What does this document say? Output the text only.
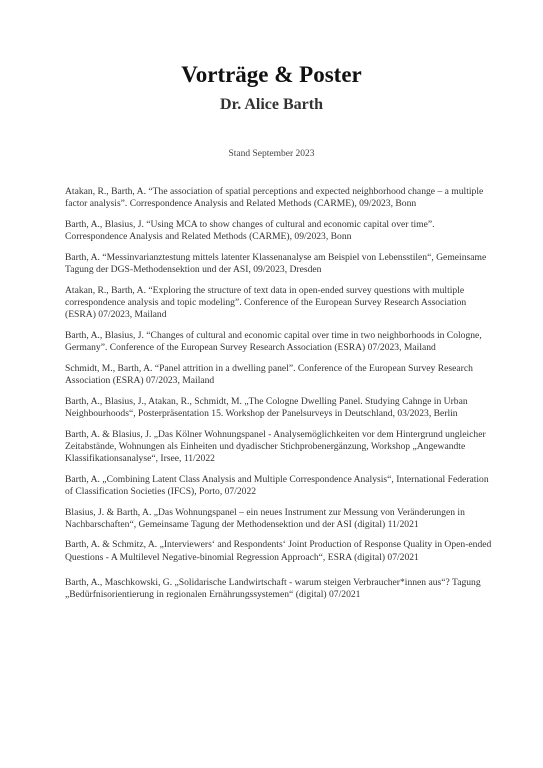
Vorträge & Poster
Dr. Alice Barth
Stand September 2023
Atakan, R., Barth, A. “The association of spatial perceptions and expected neighborhood change – a multiple factor analysis”. Correspondence Analysis and Related Methods (CARME), 09/2023, Bonn
Barth, A., Blasius, J. “Using MCA to show changes of cultural and economic capital over time”. Correspondence Analysis and Related Methods (CARME), 09/2023, Bonn
Barth, A. “Messinvarianztestung mittels latenter Klassenanalyse am Beispiel von Lebensstilen“, Gemeinsame Tagung der DGS-Methodensektion und der ASI, 09/2023, Dresden
Atakan, R., Barth, A. “Exploring the structure of text data in open-ended survey questions with multiple correspondence analysis and topic modeling”. Conference of the European Survey Research Association (ESRA) 07/2023, Mailand
Barth, A., Blasius, J. “Changes of cultural and economic capital over time in two neighborhoods in Cologne, Germany”. Conference of the European Survey Research Association (ESRA) 07/2023, Mailand
Schmidt, M., Barth, A. “Panel attrition in a dwelling panel”. Conference of the European Survey Research Association (ESRA) 07/2023, Mailand
Barth, A., Blasius, J., Atakan, R., Schmidt, M. „The Cologne Dwelling Panel. Studying Cahnge in Urban Neighbourhoods“, Posterpräsentation 15. Workshop der Panelsurveys in Deutschland, 03/2023, Berlin
Barth, A. & Blasius, J. „Das Kölner Wohnungspanel - Analysemöglichkeiten vor dem Hintergrund ungleicher Zeitabstände, Wohnungen als Einheiten und dyadischer Stichprobenergänzung, Workshop „Angewandte Klassifikationsanalyse“, Irsee, 11/2022
Barth, A. „Combining Latent Class Analysis and Multiple Correspondence Analysis“, International Federation of Classification Societies (IFCS), Porto, 07/2022
Blasius, J. & Barth, A. „Das Wohnungspanel – ein neues Instrument zur Messung von Veränderungen in Nachbarschaften“, Gemeinsame Tagung der Methodensektion und der ASI (digital) 11/2021
Barth, A. & Schmitz, A. „Interviewers‘ and Respondents‘ Joint Production of Response Quality in Open-ended Questions - A Multilevel Negative-binomial Regression Approach“, ESRA (digital) 07/2021
Barth, A., Maschkowski, G. „Solidarische Landwirtschaft - warum steigen Verbraucher*innen aus“? Tagung „Bedürfnisorientierung in regionalen Ernährungssystemen“ (digital) 07/2021
